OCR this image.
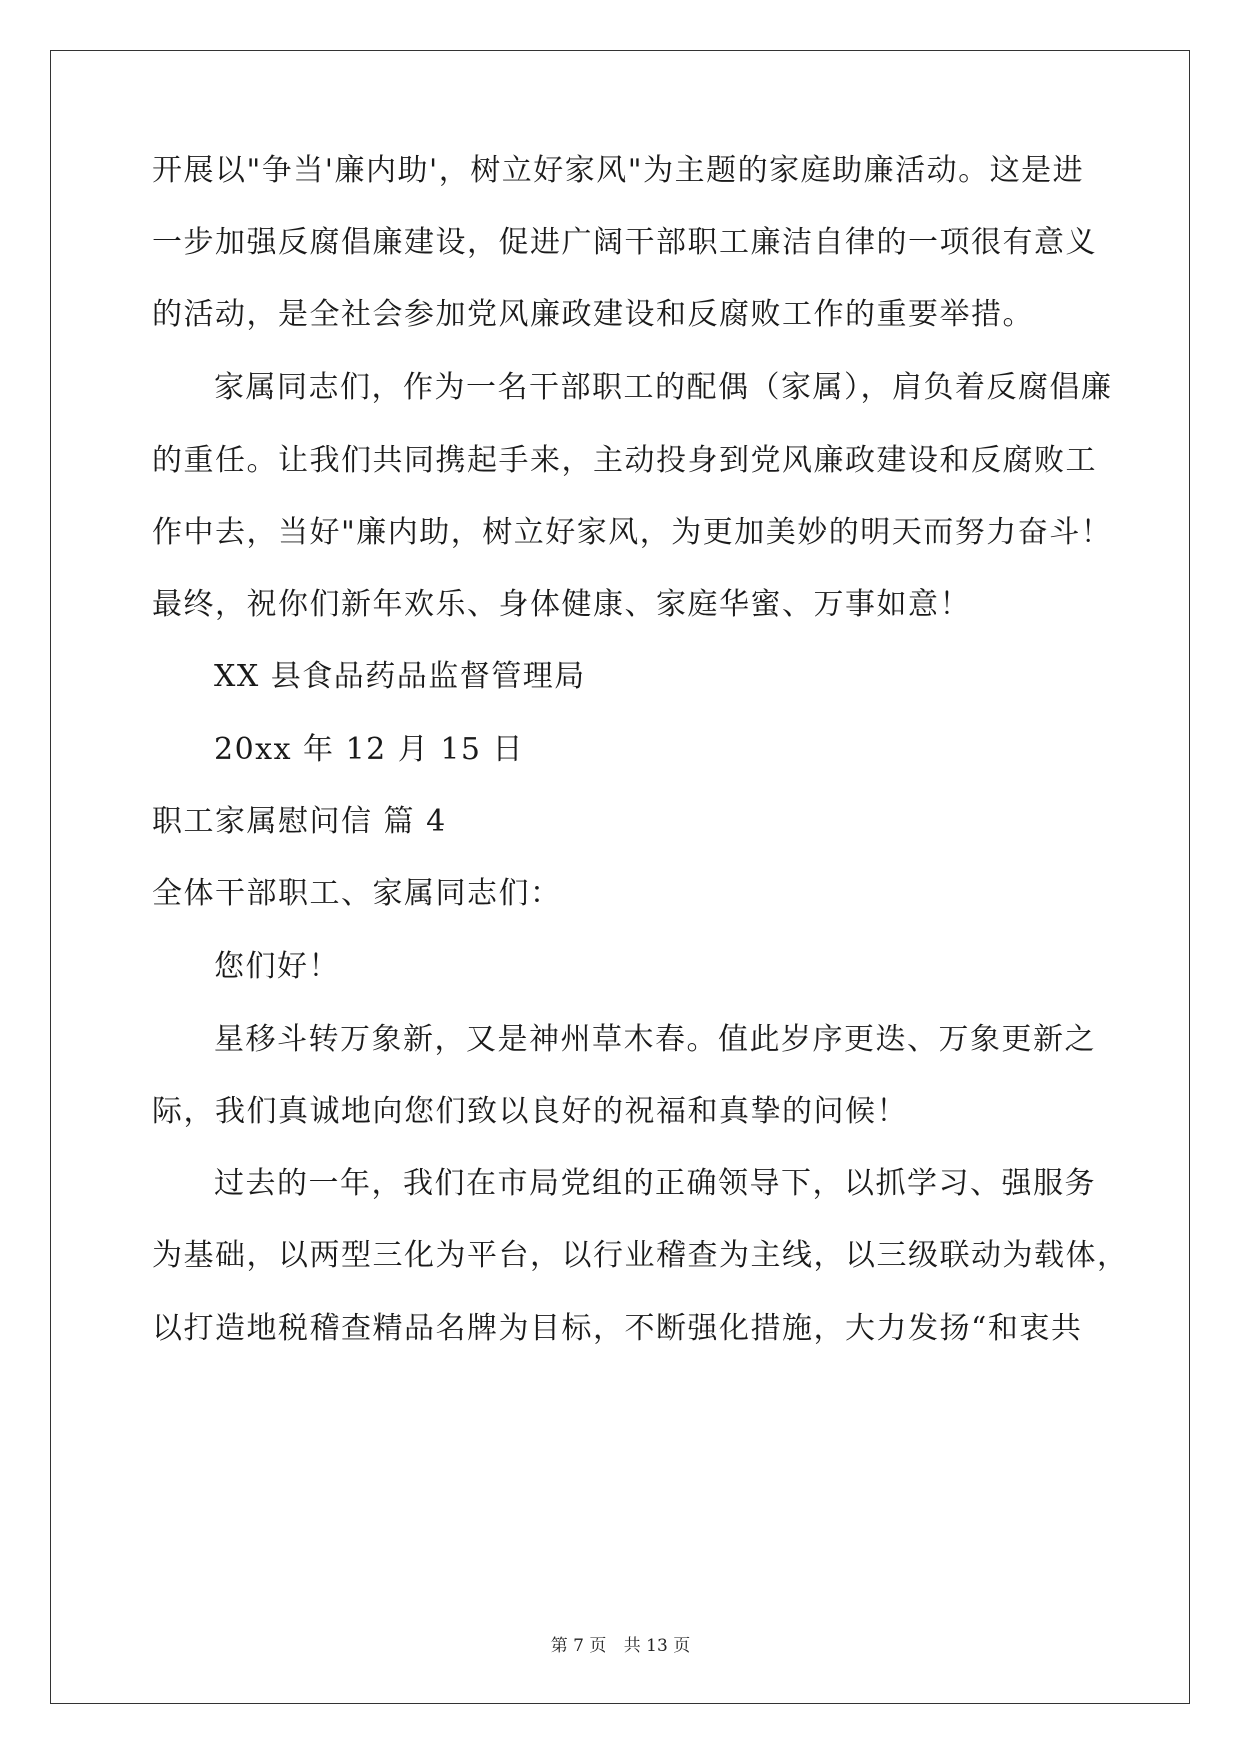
开展以"争当'廉内助'，树立好家风"为主题的家庭助廉活动。这是进
一步加强反腐倡廉建设，促进广阔干部职工廉洁自律的一项很有意义
的活动，是全社会参加党风廉政建设和反腐败工作的重要举措。
家属同志们，作为一名干部职工的配偶（家属），肩负着反腐倡廉
的重任。让我们共同携起手来，主动投身到党风廉政建设和反腐败工
作中去，当好"廉内助，树立好家风，为更加美妙的明天而努力奋斗！
最终，祝你们新年欢乐、身体健康、家庭华蜜、万事如意！
XX 县食品药品监督管理局
20xx 年 12 月 15 日
职工家属慰问信 篇 4
全体干部职工、家属同志们：
您们好！
星移斗转万象新，又是神州草木春。值此岁序更迭、万象更新之
际，我们真诚地向您们致以良好的祝福和真挚的问候！
过去的一年，我们在市局党组的正确领导下，以抓学习、强服务
为基础，以两型三化为平台，以行业稽查为主线，以三级联动为载体，
以打造地税稽查精品名牌为目标，不断强化措施，大力发扬“和衷共
第 7 页 共 13 页
